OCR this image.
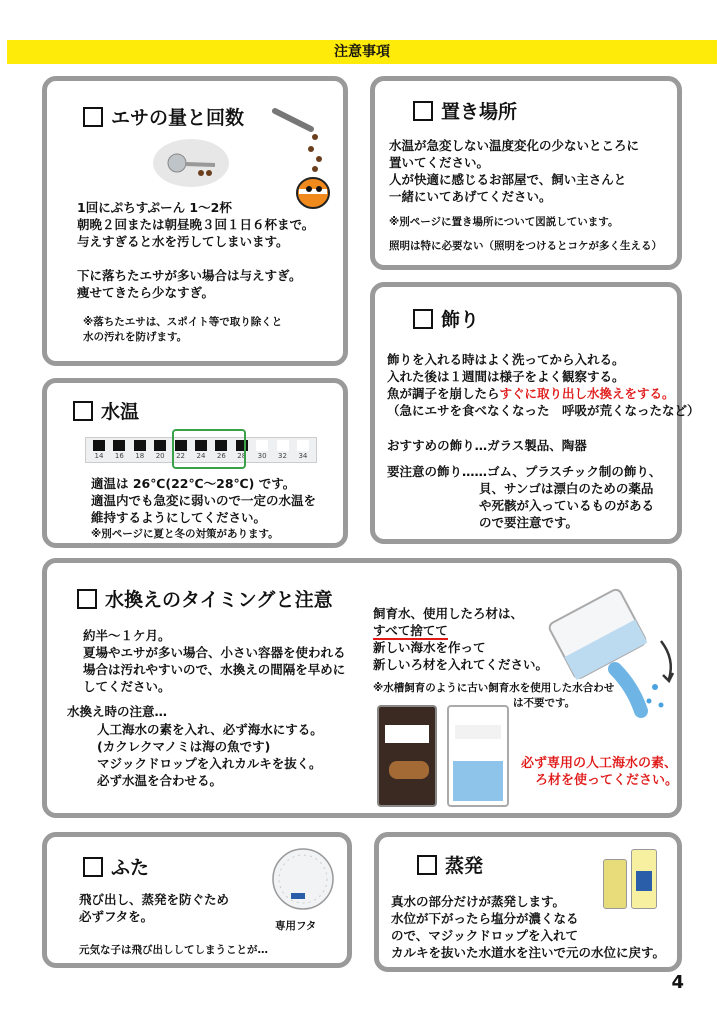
注意事項
エサの量と回数
1回にぷちすぷーん 1～2杯
朝晩２回または朝昼晩３回１日６杯まで。
与えすぎると水を汚してしまいます。
下に落ちたエサが多い場合は与えすぎ。
痩せてきたら少なすぎ。
※落ちたエサは、スポイト等で取り除くと
水の汚れを防げます。
置き場所
水温が急変しない温度変化の少ないところに
置いてください。
人が快適に感じるお部屋で、飼い主さんと
一緒にいてあげてください。
※別ページに置き場所について図説しています。
照明は特に必要ない（照明をつけるとコケが多く生える）
飾り
飾りを入れる時はよく洗ってから入れる。
入れた後は１週間は様子をよく観察する。
魚が調子を崩したらすぐに取り出し水換えをする。
（急にエサを食べなくなった　呼吸が荒くなったなど）
おすすめの飾り…ガラス製品、陶器
要注意の飾り……ゴム、プラスチック制の飾り、
貝、サンゴは漂白のための薬品
や死骸が入っているものがある
ので要注意です。
水温
14	16	18	20	22	24	26	28	30	32	34
適温は 26℃(22℃～28℃) です。
適温内でも急変に弱いので一定の水温を
維持するようにしてください。
※別ページに夏と冬の対策があります。
水換えのタイミングと注意
約半～１ケ月。
夏場やエサが多い場合、小さい容器を使われる
場合は汚れやすいので、水換えの間隔を早めに
してください。
水換え時の注意…
人工海水の素を入れ、必ず海水にする。
(カクレクマノミは海の魚です)
マジックドロップを入れカルキを抜く。
必ず水温を合わせる。
飼育水、使用したろ材は、
すべて捨てて
新しい海水を作って
新しいろ材を入れてください。
※水槽飼育のように古い飼育水を使用した水合わせ
は不要です。
必ず専用の人工海水の素、
ろ材を使ってください。
ふた
飛び出し、蒸発を防ぐため
必ずフタを。
元気な子は飛び出ししてしまうことが…
専用フタ
蒸発
真水の部分だけが蒸発します。
水位が下がったら塩分が濃くなる
ので、マジックドロップを入れて
カルキを抜いた水道水を注いで元の水位に戻す。
4
